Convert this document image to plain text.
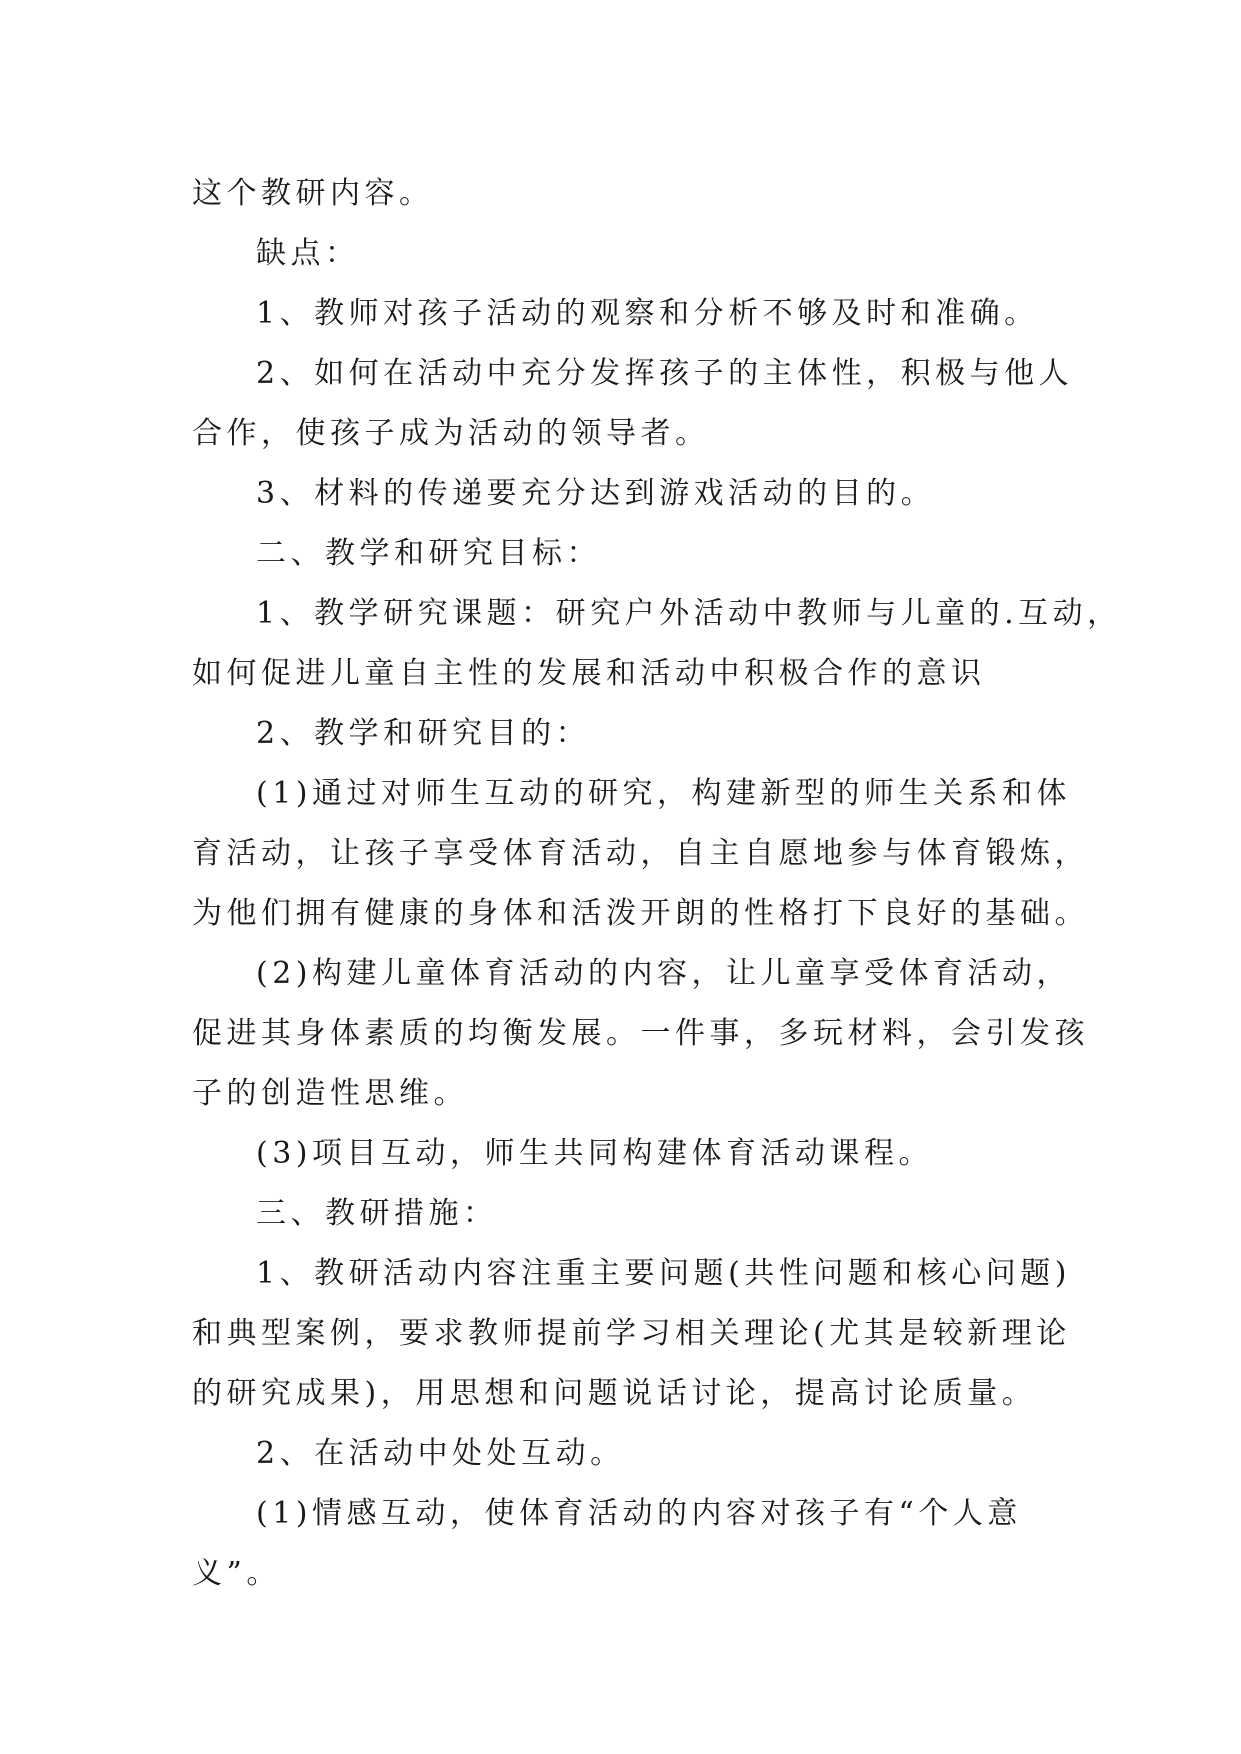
这个教研内容。

缺点：

1、教师对孩子活动的观察和分析不够及时和准确。

2、如何在活动中充分发挥孩子的主体性，积极与他人

合作，使孩子成为活动的领导者。

3、材料的传递要充分达到游戏活动的目的。

二、教学和研究目标：

1、教学研究课题：研究户外活动中教师与儿童的.互动，

如何促进儿童自主性的发展和活动中积极合作的意识

2、教学和研究目的：

(1)通过对师生互动的研究，构建新型的师生关系和体

育活动，让孩子享受体育活动，自主自愿地参与体育锻炼，

为他们拥有健康的身体和活泼开朗的性格打下良好的基础。

(2)构建儿童体育活动的内容，让儿童享受体育活动，

促进其身体素质的均衡发展。一件事，多玩材料，会引发孩

子的创造性思维。

(3)项目互动，师生共同构建体育活动课程。

三、教研措施：

1、教研活动内容注重主要问题(共性问题和核心问题)

和典型案例，要求教师提前学习相关理论(尤其是较新理论

的研究成果)，用思想和问题说话讨论，提高讨论质量。

2、在活动中处处互动。

(1)情感互动，使体育活动的内容对孩子有“个人意

义”。
